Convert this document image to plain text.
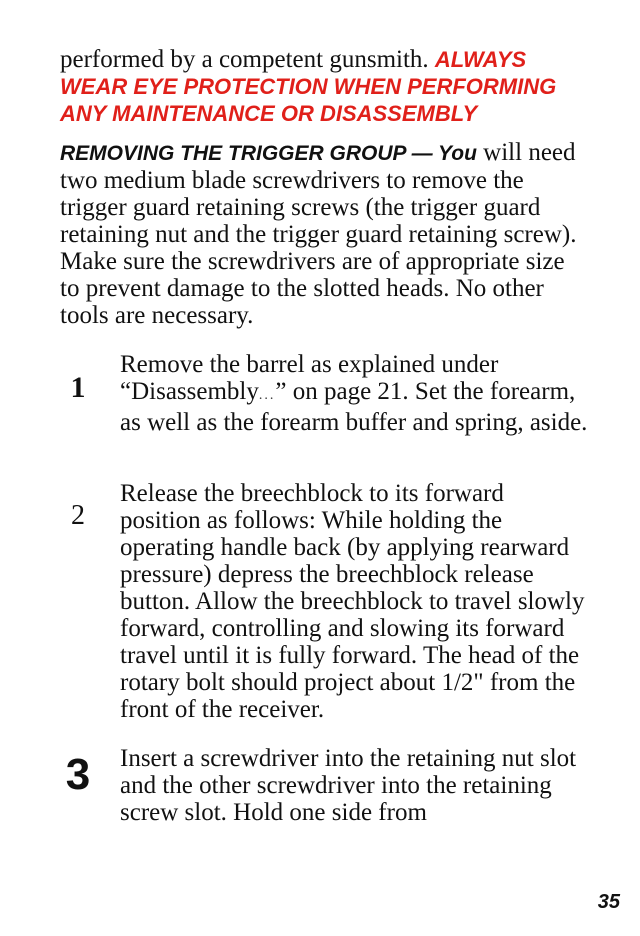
performed by a competent gunsmith. ALWAYS WEAR EYE PROTECTION WHEN PERFORMING ANY MAINTENANCE OR DISASSEMBLY
REMOVING THE TRIGGER GROUP — You will need two medium blade screwdrivers to remove the trigger guard retaining screws (the trigger guard retaining nut and the trigger guard retaining screw). Make sure the screwdrivers are of appropriate size to prevent damage to the slotted heads. No other tools are necessary.
1
Remove the barrel as explained under “Disassembly...” on page 21. Set the forearm, as well as the forearm buffer and spring, aside.
2
Release the breechblock to its forward position as follows: While holding the operating handle back (by applying rearward pressure) depress the breechblock release button. Allow the breechblock to travel slowly forward, controlling and slowing its forward travel until it is fully forward. The head of the rotary bolt should project about 1/2" from the front of the receiver.
3 Insert a screwdriver into the retaining nut slot and the other screwdriver into the retaining screw slot. Hold one side from
35
